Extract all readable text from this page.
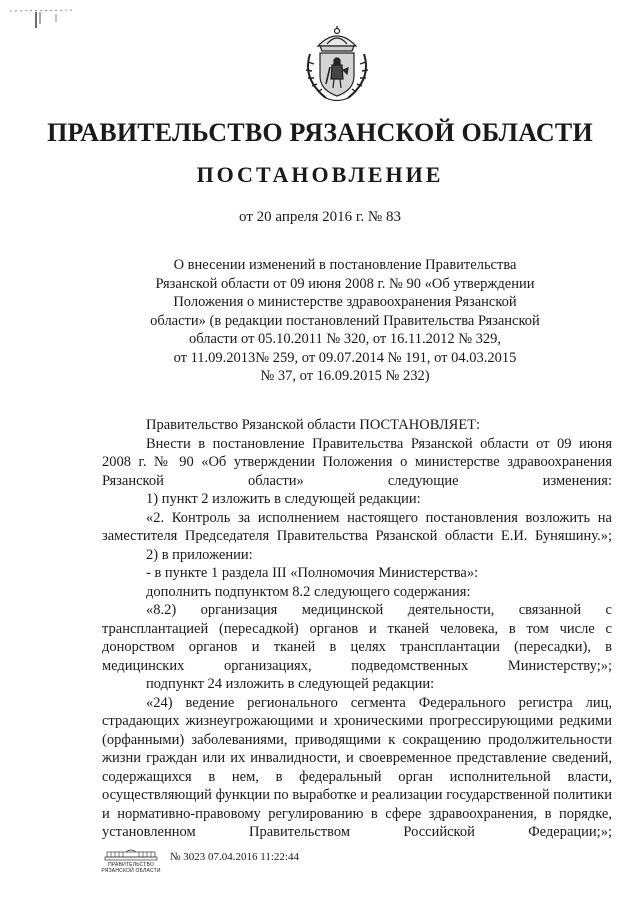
ПРАВИТЕЛЬСТВО РЯЗАНСКОЙ ОБЛАСТИ
ПОСТАНОВЛЕНИЕ
от 20 апреля 2016 г. № 83
О внесении изменений в постановление Правительства
Рязанской области от 09 июня 2008 г. № 90 «Об утверждении
Положения о министерстве здравоохранения Рязанской
области» (в редакции постановлений Правительства Рязанской
области от 05.10.2011 № 320, от 16.11.2012 № 329,
от 11.09.2013№ 259, от 09.07.2014 № 191, от 04.03.2015
№ 37, от 16.09.2015 № 232)

Правительство Рязанской области ПОСТАНОВЛЯЕТ:

Внести в постановление Правительства Рязанской области от 09 июня 2008 г. № 90 «Об утверждении Положения о министерстве здравоохранения Рязанской области» следующие изменения:

1) пункт 2 изложить в следующей редакции:

«2. Контроль за исполнением настоящего постановления возложить на заместителя Председателя Правительства Рязанской области Е.И. Буняшину.»;

2) в приложении:

- в пункте 1 раздела III «Полномочия Министерства»:

дополнить подпунктом 8.2 следующего содержания:

«8.2) организация медицинской деятельности, связанной с трансплантацией (пересадкой) органов и тканей человека, в том числе с донорством органов и тканей в целях трансплантации (пересадки), в медицинских организациях, подведомственных Министерству;»;

подпункт 24 изложить в следующей редакции:

«24) ведение регионального сегмента Федерального регистра лиц, страдающих жизнеугрожающими и хроническими прогрессирующими редкими (орфанными) заболеваниями, приводящими к сокращению продолжительности жизни граждан или их инвалидности, и своевременное представление сведений, содержащихся в нем, в федеральный орган исполнительной власти, осуществляющий функции по выработке и реализации государственной политики и нормативно-правовому регулированию в сфере здравоохранения, в порядке, установленном Правительством Российской Федерации;»;

ПРАВИТЕЛЬСТВО РЯЗАНСКОЙ ОБЛАСТИ
№ 3023 07.04.2016 11:22:44
